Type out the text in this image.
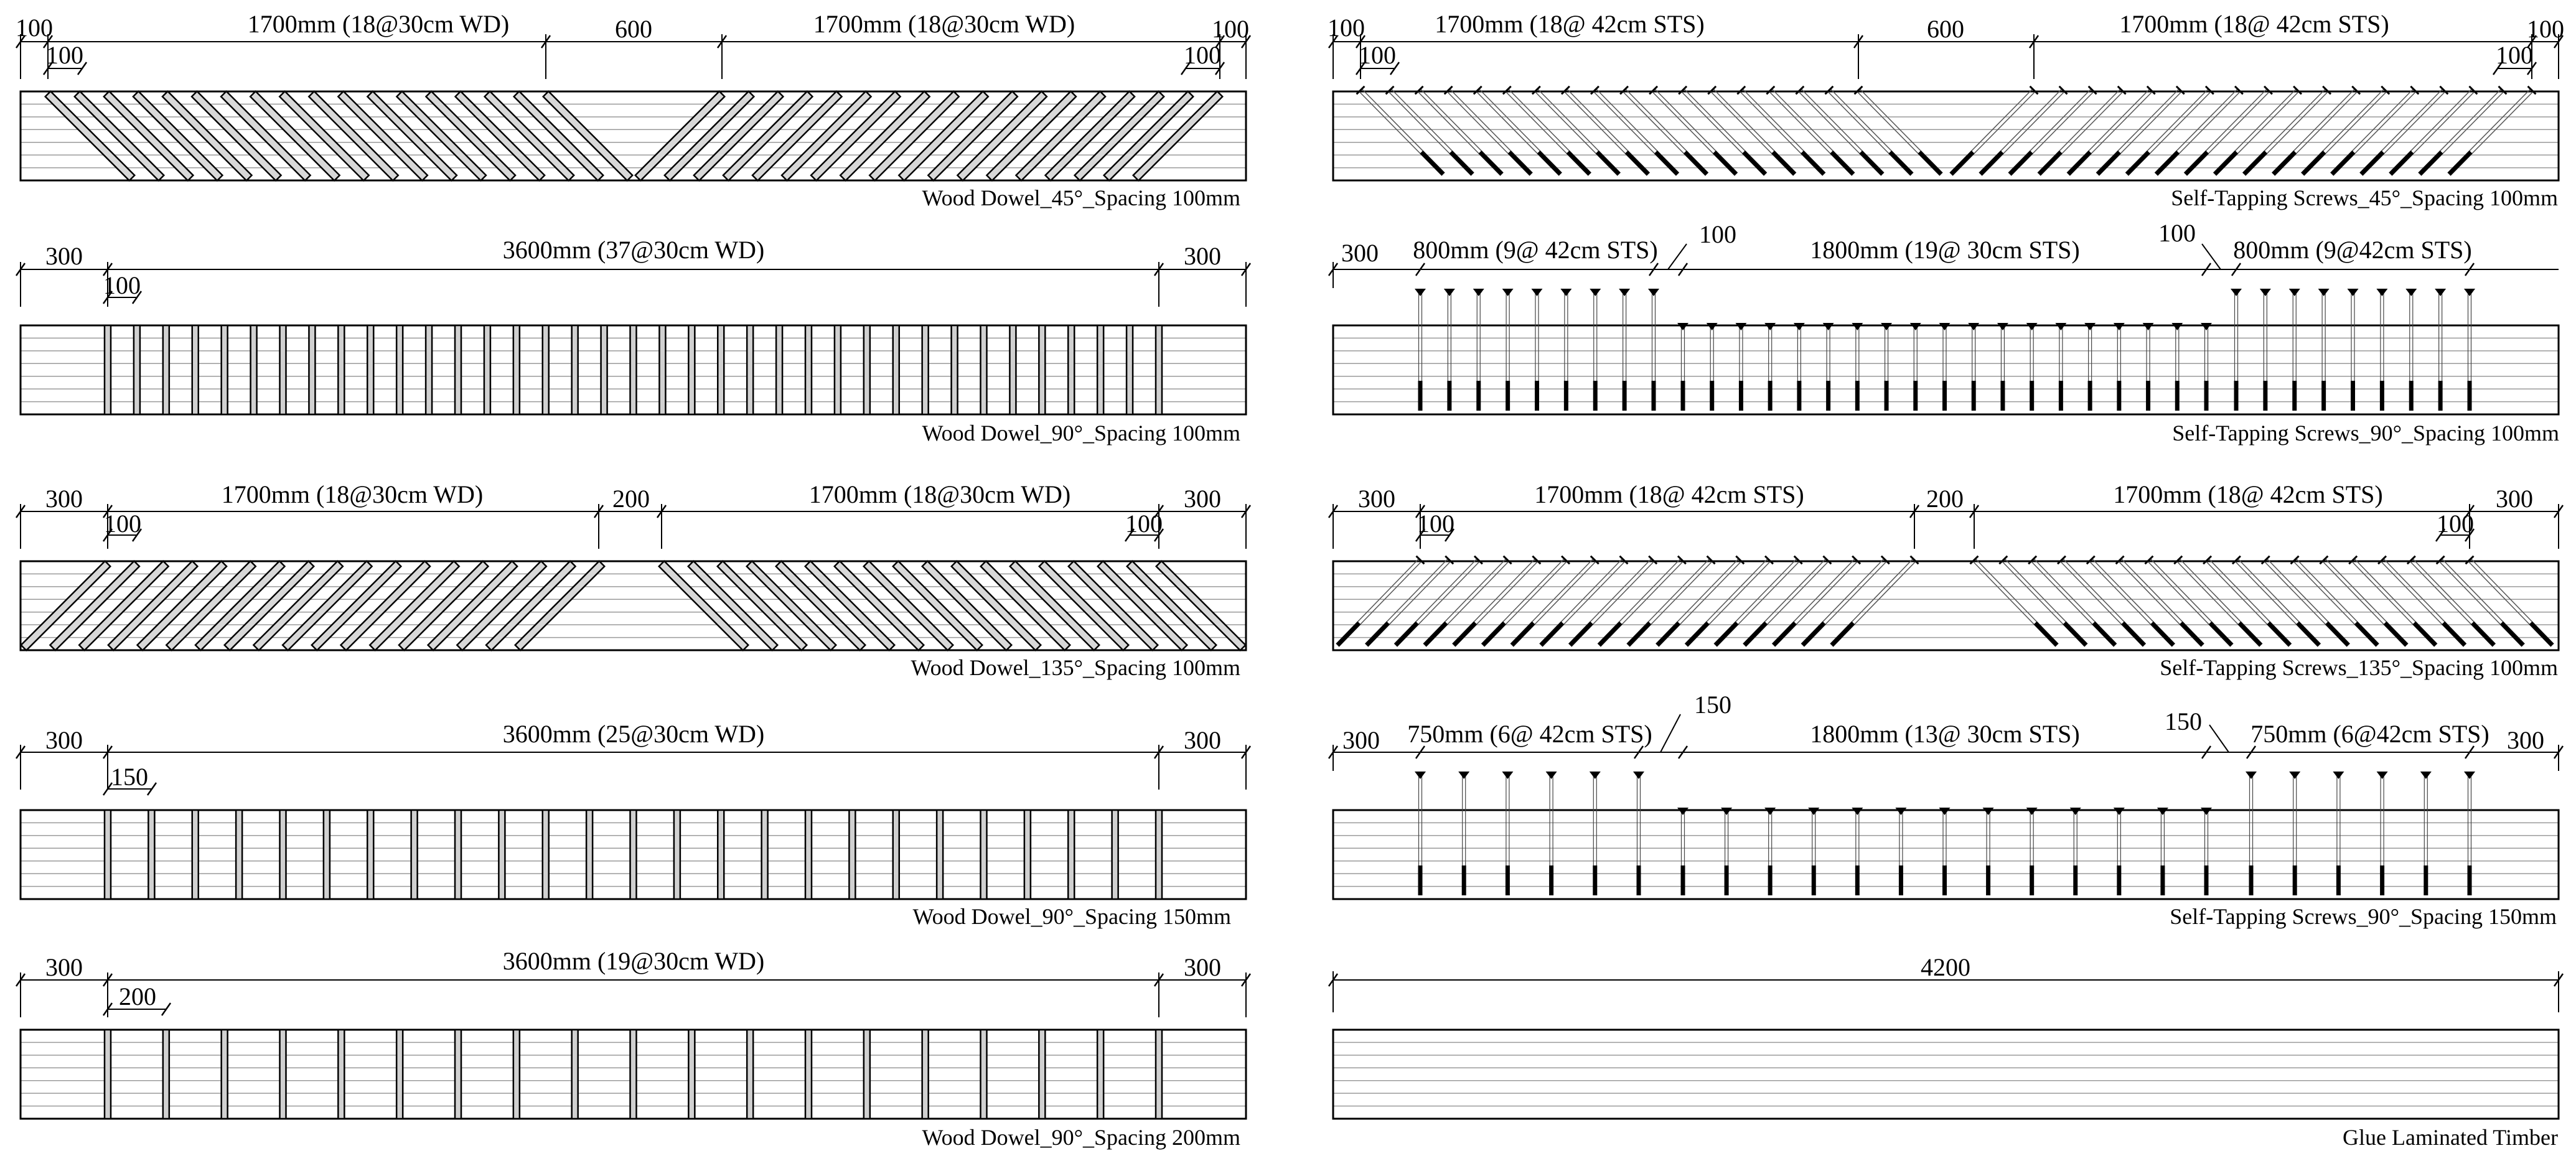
100	1700mm (18@30cm WD)	600	1700mm (18@30cm WD)	100
100	100
Wood Dowel_45°_Spacing 100mm
100	1700mm (18@ 42cm STS)	600	1700mm (18@ 42cm STS)	100
100	100
Self-Tapping Screws_45°_Spacing 100mm
300	3600mm (37@30cm WD)	300
100
Wood Dowel_90°_Spacing 100mm
300 800mm (9@ 42cm STS)
100
1800mm (19@ 30cm STS)
100
800mm (9@42cm STS)
Self-Tapping Screws_90°_Spacing 100mm
300	1700mm (18@30cm WD)	200	1700mm (18@30cm WD)	300
100	100
Wood Dowel_135°_Spacing 100mm
300	1700mm (18@ 42cm STS)	200	1700mm (18@ 42cm STS)	300
100	100
Self-Tapping Screws_135°_Spacing 100mm
300	3600mm (25@30cm WD)	300
150
Wood Dowel_90°_Spacing 150mm
300 750mm (6@ 42cm STS)
150
1800mm (13@ 30cm STS)	150 750mm (6@42cm STS) 300
Self-Tapping Screws_90°_Spacing 150mm
300	3600mm (19@30cm WD)	300
200
Wood Dowel_90°_Spacing 200mm
4200
Glue Laminated Timber
